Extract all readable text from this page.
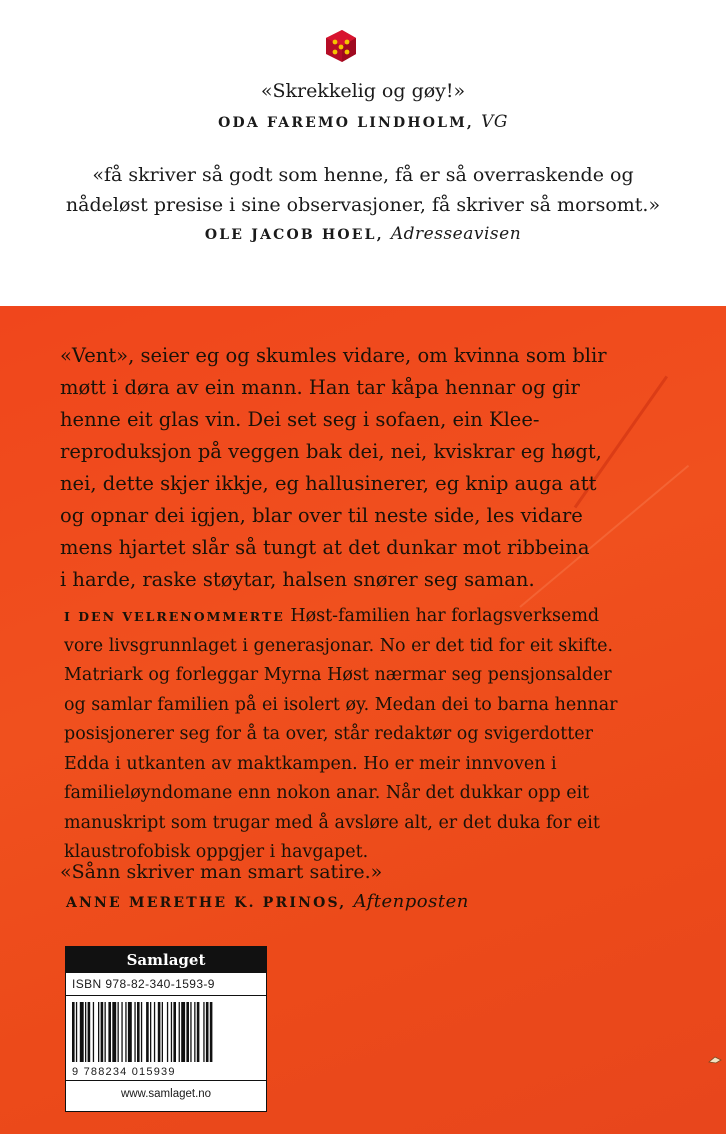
«Skrekkelig og gøy!»
ODA FAREMO LINDHOLM, VG
«få skriver så godt som henne, få er så overraskende og
nådeløst presise i sine observasjoner, få skriver så morsomt.»
OLE JACOB HOEL, Adresseavisen
«Vent», seier eg og skumles vidare, om kvinna som blir
møtt i døra av ein mann. Han tar kåpa hennar og gir
henne eit glas vin. Dei set seg i sofaen, ein Klee-
reproduksjon på veggen bak dei, nei, kviskrar eg høgt,
nei, dette skjer ikkje, eg hallusinerer, eg knip auga att
og opnar dei igjen, blar over til neste side, les vidare
mens hjartet slår så tungt at det dunkar mot ribbeina
i harde, raske støytar, halsen snører seg saman.
I DEN VELRENOMMERTE Høst-familien har forlagsverksemd
vore livsgrunnlaget i generasjonar. No er det tid for eit skifte.
Matriark og forleggar Myrna Høst nærmar seg pensjonsalder
og samlar familien på ei isolert øy. Medan dei to barna hennar
posisjonerer seg for å ta over, står redaktør og svigerdotter
Edda i utkanten av maktkampen. Ho er meir innvoven i
familieløyndomane enn nokon anar. Når det dukkar opp eit
manuskript som trugar med å avsløre alt, er det duka for eit
klaustrofobisk oppgjer i havgapet.
«Sånn skriver man smart satire.»
ANNE MERETHE K. PRINOS, Aftenposten
Samlaget
ISBN 978-82-340-1593-9
9 788234 015939
www.samlaget.no
